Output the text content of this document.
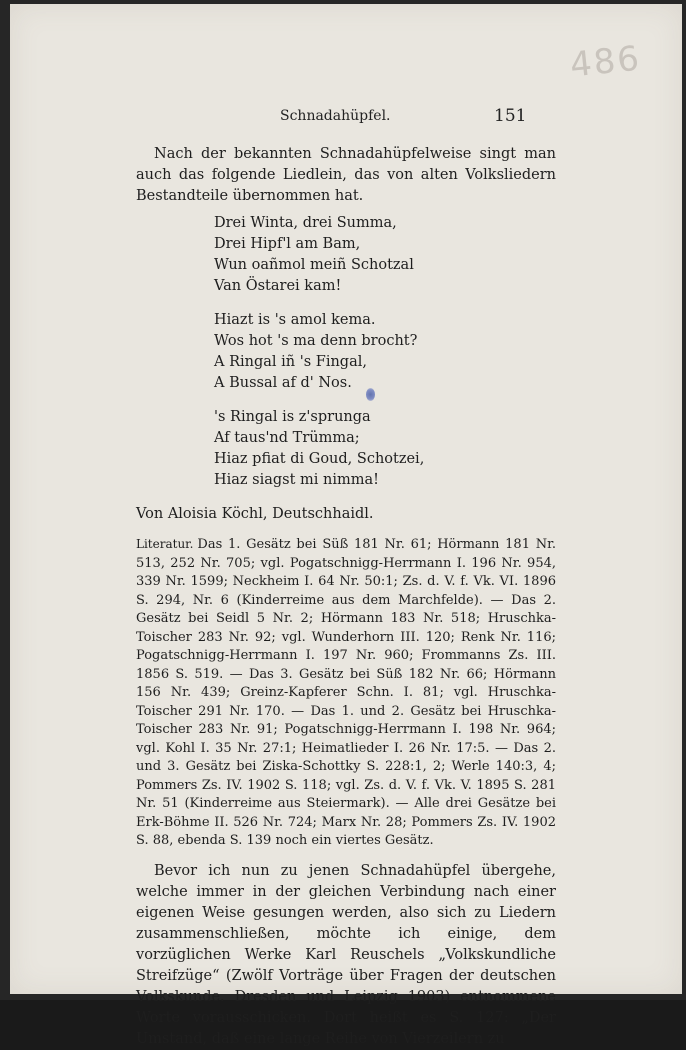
486
Schnadahüpfel.	151

Nach der bekannten Schnadahüpfelweise singt man auch das folgende Liedlein, das von alten Volksliedern Bestandteile übernommen hat.

Drei Winta, drei Summa,
Drei Hipf'l am Bam,
Wun oañmol meiñ Schotzal
Van Östarei kam!
Hiazt is 's amol kema.
Wos hot 's ma denn brocht?
A Ringal iñ 's Fingal,
A Bussal af d' Nos.
's Ringal is z'sprunga
Af taus'nd Trümma;
Hiaz pfiat di Goud, Schotzei,
Hiaz siagst mi nimma!

Von Aloisia Köchl, Deutschhaidl.

Literatur. Das 1. Gesätz bei Süß 181 Nr. 61; Hörmann 181 Nr. 513, 252 Nr. 705; vgl. Pogatschnigg-Herrmann I. 196 Nr. 954, 339 Nr. 1599; Neckheim I. 64 Nr. 50:1; Zs. d. V. f. Vk. VI. 1896 S. 294, Nr. 6 (Kinderreime aus dem Marchfelde). — Das 2. Gesätz bei Seidl 5 Nr. 2; Hörmann 183 Nr. 518; Hruschka-Toischer 283 Nr. 92; vgl. Wunderhorn III. 120; Renk Nr. 116; Pogatschnigg-Herrmann I. 197 Nr. 960; Frommanns Zs. III. 1856 S. 519. — Das 3. Gesätz bei Süß 182 Nr. 66; Hörmann 156 Nr. 439; Greinz-Kapferer Schn. I. 81; vgl. Hruschka-Toischer 291 Nr. 170. — Das 1. und 2. Gesätz bei Hruschka-Toischer 283 Nr. 91; Pogatschnigg-Herrmann I. 198 Nr. 964; vgl. Kohl I. 35 Nr. 27:1; Heimatlieder I. 26 Nr. 17:5. — Das 2. und 3. Gesätz bei Ziska-Schottky S. 228:1, 2; Werle 140:3, 4; Pommers Zs. IV. 1902 S. 118; vgl. Zs. d. V. f. Vk. V. 1895 S. 281 Nr. 51 (Kinderreime aus Steiermark). — Alle drei Gesätze bei Erk-Böhme II. 526 Nr. 724; Marx Nr. 28; Pommers Zs. IV. 1902 S. 88, ebenda S. 139 noch ein viertes Gesätz.

Bevor ich nun zu jenen Schnadahüpfel übergehe, welche immer in der gleichen Verbindung nach einer eigenen Weise gesungen werden, also sich zu Liedern zusammenschließen, möchte ich einige, dem vorzüglichen Werke Karl Reuschels „Volkskundliche Streifzüge“ (Zwölf Vorträge über Fragen der deutschen Volkskunde. Dresden und Leipzig 1903) entnommene Worte vorausschicken. Dort heißt es S. 127: „Der Umstand, daß eine lange Reihe von Vierzeilern zu
